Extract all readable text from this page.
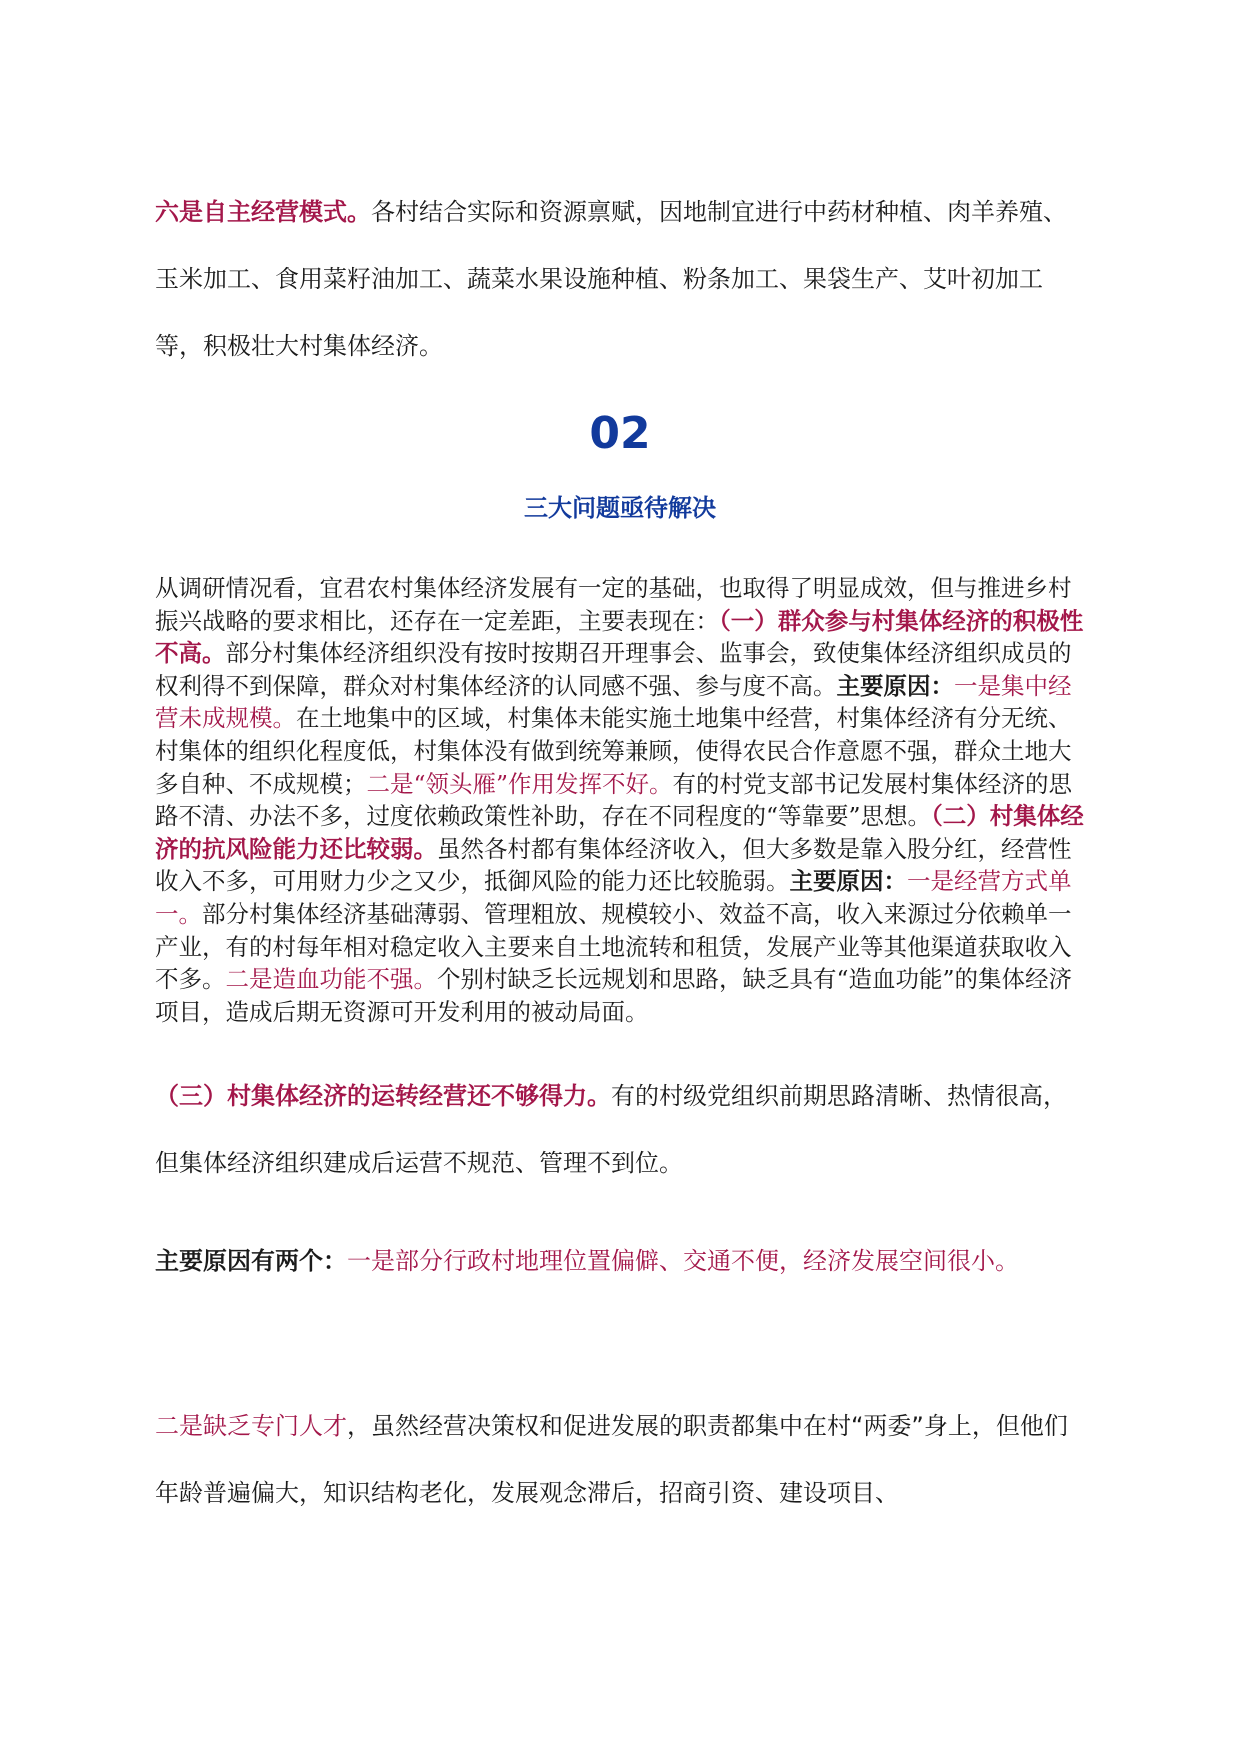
六是自主经营模式。各村结合实际和资源禀赋，因地制宜进行中药材种植、肉羊养殖、玉米加工、食用菜籽油加工、蔬菜水果设施种植、粉条加工、果袋生产、艾叶初加工等，积极壮大村集体经济。
02
三大问题亟待解决
从调研情况看，宜君农村集体经济发展有一定的基础，也取得了明显成效，但与推进乡村振兴战略的要求相比，还存在一定差距，主要表现在：（一）群众参与村集体经济的积极性不高。部分村集体经济组织没有按时按期召开理事会、监事会，致使集体经济组织成员的权利得不到保障，群众对村集体经济的认同感不强、参与度不高。主要原因：一是集中经营未成规模。在土地集中的区域，村集体未能实施土地集中经营，村集体经济有分无统、村集体的组织化程度低，村集体没有做到统筹兼顾，使得农民合作意愿不强，群众土地大多自种、不成规模；二是“领头雁”作用发挥不好。有的村党支部书记发展村集体经济的思路不清、办法不多，过度依赖政策性补助，存在不同程度的“等靠要”思想。（二）村集体经济的抗风险能力还比较弱。虽然各村都有集体经济收入，但大多数是靠入股分红，经营性收入不多，可用财力少之又少，抵御风险的能力还比较脆弱。主要原因：一是经营方式单一。部分村集体经济基础薄弱、管理粗放、规模较小、效益不高，收入来源过分依赖单一产业，有的村每年相对稳定收入主要来自土地流转和租赁，发展产业等其他渠道获取收入不多。二是造血功能不强。个别村缺乏长远规划和思路，缺乏具有“造血功能”的集体经济项目，造成后期无资源可开发利用的被动局面。
（三）村集体经济的运转经营还不够得力。有的村级党组织前期思路清晰、热情很高，但集体经济组织建成后运营不规范、管理不到位。
主要原因有两个：一是部分行政村地理位置偏僻、交通不便，经济发展空间很小。
二是缺乏专门人才，虽然经营决策权和促进发展的职责都集中在村“两委”身上，但他们年龄普遍偏大，知识结构老化，发展观念滞后，招商引资、建设项目、
